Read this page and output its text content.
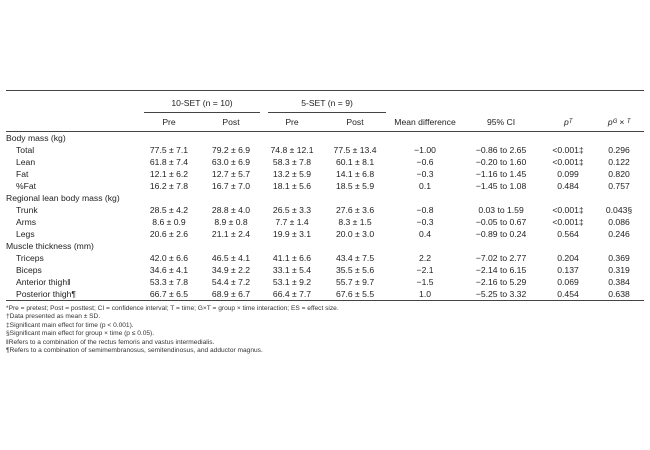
	10-SET (n = 10)		5-SET (n = 9)					

	Pre	Post	Pre	Post	Mean difference	95% CI	pᵀ	pᴳ × ᵀ
Body mass (kg)								
Total	77.5 ± 7.1	79.2 ± 6.9	74.8 ± 12.1	77.5 ± 13.4	−1.00	−0.86 to 2.65	<0.001‡	0.296
Lean	61.8 ± 7.4	63.0 ± 6.9	58.3 ± 7.8	60.1 ± 8.1	−0.6	−0.20 to 1.60	<0.001‡	0.122
Fat	12.1 ± 6.2	12.7 ± 5.7	13.2 ± 5.9	14.1 ± 6.8	−0.3	−1.16 to 1.45	0.099	0.820
%Fat	16.2 ± 7.8	16.7 ± 7.0	18.1 ± 5.6	18.5 ± 5.9	0.1	−1.45 to 1.08	0.484	0.757
Regional lean body mass (kg)								
Trunk	28.5 ± 4.2	28.8 ± 4.0	26.5 ± 3.3	27.6 ± 3.6	−0.8	0.03 to 1.59	<0.001‡	0.043§
Arms	8.6 ± 0.9	8.9 ± 0.8	7.7 ± 1.4	8.3 ± 1.5	−0.3	−0.05 to 0.67	<0.001‡	0.086
Legs	20.6 ± 2.6	21.1 ± 2.4	19.9 ± 3.1	20.0 ± 3.0	0.4	−0.89 to 0.24	0.564	0.246
Muscle thickness (mm)								
Triceps	42.0 ± 6.6	46.5 ± 4.1	41.1 ± 6.6	43.4 ± 7.5	2.2	−7.02 to 2.77	0.204	0.369
Biceps	34.6 ± 4.1	34.9 ± 2.2	33.1 ± 5.4	35.5 ± 5.6	−2.1	−2.14 to 6.15	0.137	0.319
Anterior thigh‖	53.3 ± 7.8	54.4 ± 7.2	53.1 ± 9.2	55.7 ± 9.7	−1.5	−2.16 to 5.29	0.069	0.384
Posterior thigh¶	66.7 ± 6.5	68.9 ± 6.7	66.4 ± 7.7	67.6 ± 5.5	1.0	−5.25 to 3.32	0.454	0.638
*Pre = pretest; Post = posttest; CI = confidence interval; T = time; G×T = group × time interaction; ES = effect size.
†Data presented as mean ± SD.
‡Significant main effect for time (p < 0.001).
§Significant main effect for group × time (p ≤ 0.05).
‖Refers to a combination of the rectus femoris and vastus intermedialis.
¶Refers to a combination of semimembranosus, semitendinosus, and adductor magnus.
